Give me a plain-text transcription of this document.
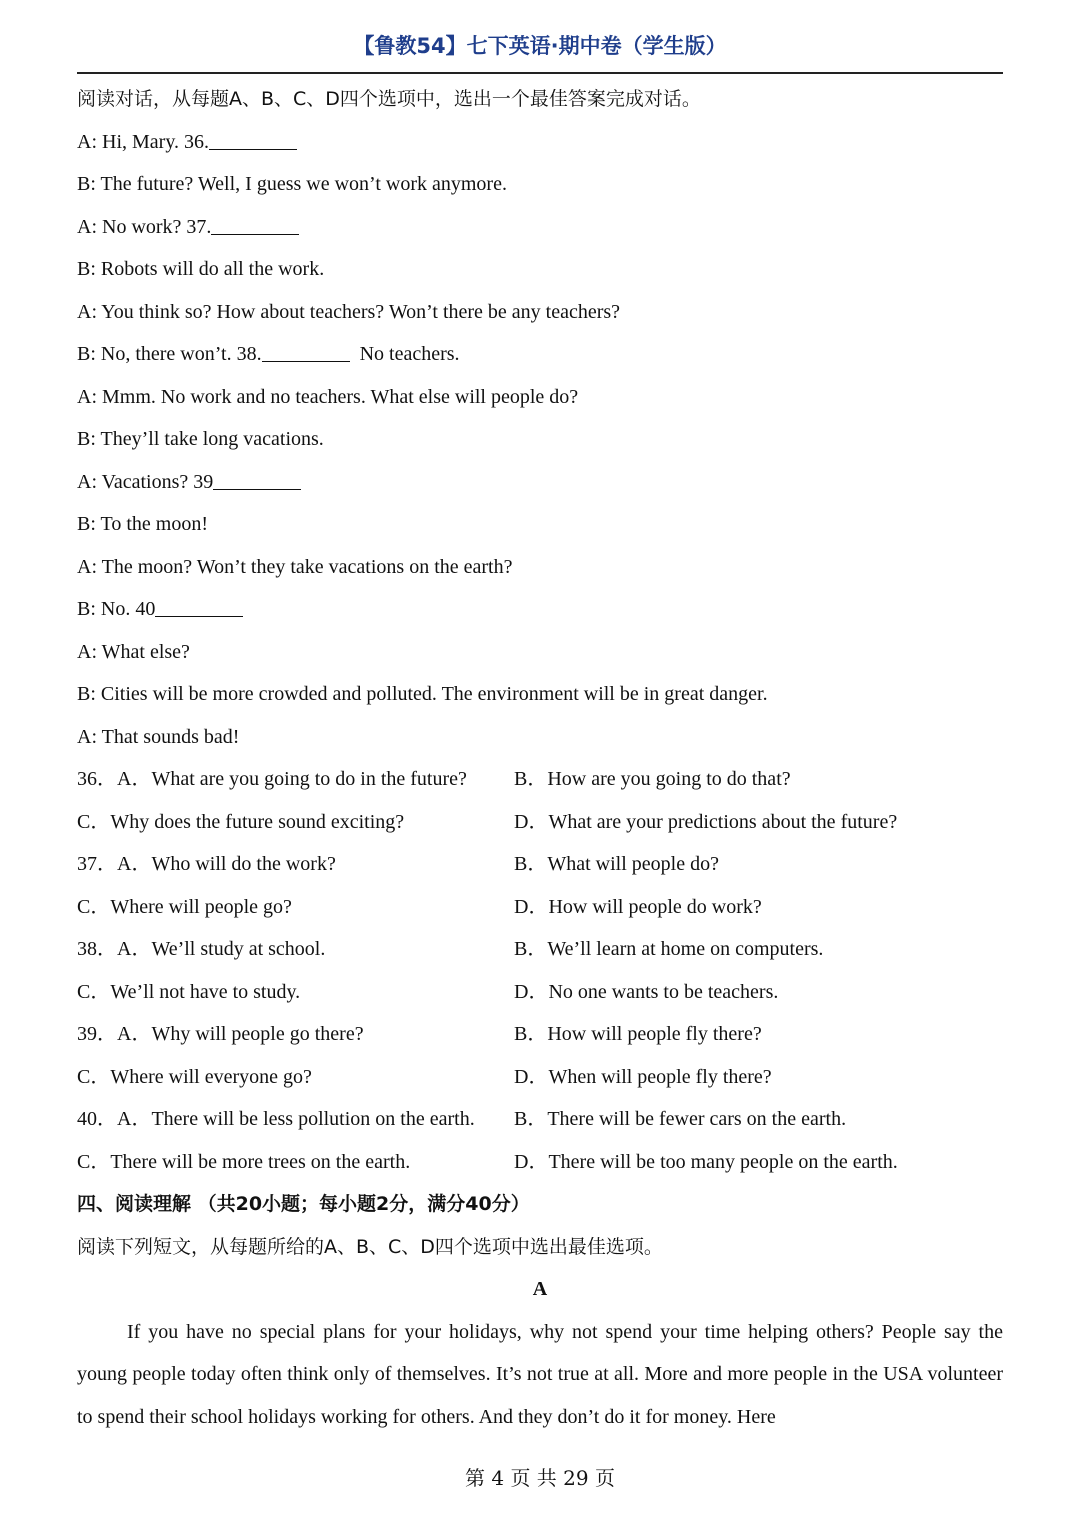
【鲁教54】七下英语·期中卷（学生版）
阅读对话，从每题A、B、C、D四个选项中，选出一个最佳答案完成对话。
A: Hi, Mary. 36.
B: The future? Well, I guess we won’t work anymore.
A: No work? 37.
B: Robots will do all the work.
A: You think so? How about teachers? Won’t there be any teachers?
B: No, there won’t. 38.	No teachers.
A: Mmm. No work and no teachers. What else will people do?
B: They’ll take long vacations.
A: Vacations? 39
B: To the moon!
A: The moon? Won’t they take vacations on the earth?
B: No. 40
A: What else?
B: Cities will be more crowded and polluted. The environment will be in great danger.
A: That sounds bad!
36．A．What are you going to do in the future? B．How are you going to do that?
C．Why does the future sound exciting?	D．What are your predictions about the future?
37．A．Who will do the work?	B．What will people do?
C．Where will people go?	D．How will people do work?
38．A．We’ll study at school.	B．We’ll learn at home on computers.
C．We’ll not have to study.	D．No one wants to be teachers.
39．A．Why will people go there?	B．How will people fly there?
C．Where will everyone go?	D．When will people fly there?
40．A．There will be less pollution on the earth. B．There will be fewer cars on the earth.
C．There will be more trees on the earth.	D．There will be too many people on the earth.
四、阅读理解 （共20小题；每小题2分，满分40分）
阅读下列短文，从每题所给的A、B、C、D四个选项中选出最佳选项。
A
If you have no special plans for your holidays, why not spend your time helping others? People say the young people today often think only of themselves. It’s not true at all. More and more people in the USA volunteer to spend their school holidays working for others. And they don’t do it for money. Here
第 4 页 共 29 页
